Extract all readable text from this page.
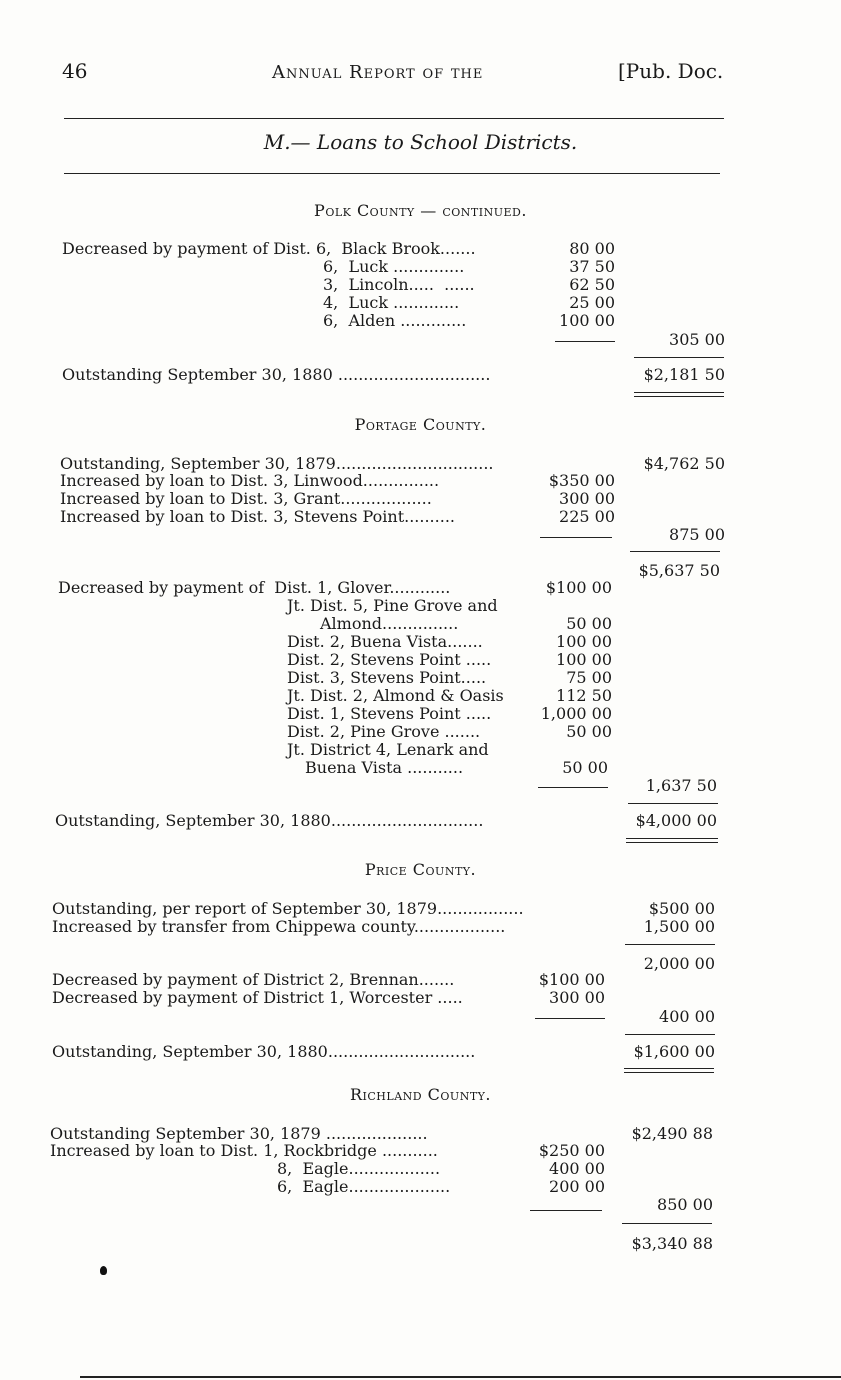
46	Annual Report of the	[Pub. Doc.
M.— Loans to School Districts.
Polk County — continued.
Decreased by payment of Dist. 6,  Black Brook.......	80 00
6,  Luck ..............	37 50
3,  Lincoln.....  ......	62 50
4,  Luck .............	25 00
6,  Alden .............	100 00
305 00
Outstanding September 30, 1880 ..............................	$2,181 50
Portage County.
Outstanding, September 30, 1879...............................	$4,762 50
Increased by loan to Dist. 3, Linwood...............	$350 00
Increased by loan to Dist. 3, Grant..................	300 00
Increased by loan to Dist. 3, Stevens Point..........	225 00
875 00
$5,637 50
Decreased by payment of  Dist. 1, Glover............	$100 00
Jt. Dist. 5, Pine Grove and
Almond...............	50 00
Dist. 2, Buena Vista.......	100 00
Dist. 2, Stevens Point .....	100 00
Dist. 3, Stevens Point.....	75 00
Jt. Dist. 2, Almond & Oasis	112 50
Dist. 1, Stevens Point .....	1,000 00
Dist. 2, Pine Grove .......	50 00
Jt. District 4, Lenark and
Buena Vista ...........	50 00
1,637 50
Outstanding, September 30, 1880..............................	$4,000 00
Price County.
Outstanding, per report of September 30, 1879.................	$500 00
Increased by transfer from Chippewa county..................	1,500 00
2,000 00
Decreased by payment of District 2, Brennan.......	$100 00
Decreased by payment of District 1, Worcester .....	300 00
400 00
Outstanding, September 30, 1880.............................	$1,600 00
Richland County.
Outstanding September 30, 1879 ....................	$2,490 88
Increased by loan to Dist. 1, Rockbridge ...........	$250 00
8,  Eagle..................	400 00
6,  Eagle....................	200 00
850 00
$3,340 88
